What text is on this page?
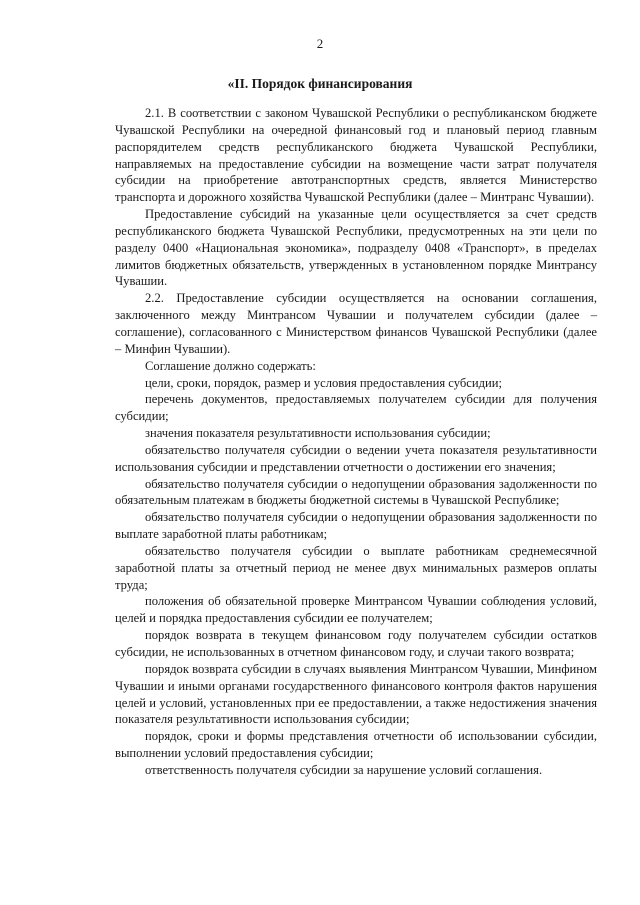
2
«II. Порядок финансирования

2.1. В соответствии с законом Чувашской Республики о республиканском бюджете Чувашской Республики на очередной финансовый год и плановый период главным распорядителем средств республиканского бюджета Чувашской Республики, направляемых на предоставление субсидии на возмещение части затрат получателя субсидии на приобретение автотранспортных средств, является Министерство транспорта и дорожного хозяйства Чувашской Республики (далее – Минтранс Чувашии).

Предоставление субсидий на указанные цели осуществляется за счет средств республиканского бюджета Чувашской Республики, предусмотренных на эти цели по разделу 0400 «Национальная экономика», подразделу 0408 «Транспорт», в пределах лимитов бюджетных обязательств, утвержденных в установленном порядке Минтрансу Чувашии.

2.2. Предоставление субсидии осуществляется на основании соглашения, заключенного между Минтрансом Чувашии и получателем субсидии (далее – соглашение), согласованного с Министерством финансов Чувашской Республики (далее – Минфин Чувашии).

Соглашение должно содержать:

цели, сроки, порядок, размер и условия предоставления субсидии;

перечень документов, предоставляемых получателем субсидии для получения субсидии;

значения показателя результативности использования субсидии;

обязательство получателя субсидии о ведении учета показателя результативности использования субсидии и представлении отчетности о достижении его значения;

обязательство получателя субсидии о недопущении образования задолженности по обязательным платежам в бюджеты бюджетной системы в Чувашской Республике;

обязательство получателя субсидии о недопущении образования задолженности по выплате заработной платы работникам;

обязательство получателя субсидии о выплате работникам среднемесячной заработной платы за отчетный период не менее двух минимальных размеров оплаты труда;

положения об обязательной проверке Минтрансом Чувашии соблюдения условий, целей и порядка предоставления субсидии ее получателем;

порядок возврата в текущем финансовом году получателем субсидии остатков субсидии, не использованных в отчетном финансовом году, и случаи такого возврата;

порядок возврата субсидии в случаях выявления Минтрансом Чувашии, Минфином Чувашии и иными органами государственного финансового контроля фактов нарушения целей и условий, установленных при ее предоставлении, а также недостижения значения показателя результативности использования субсидии;

порядок, сроки и формы представления отчетности об использовании субсидии, выполнении условий предоставления субсидии;

ответственность получателя субсидии за нарушение условий соглашения.
